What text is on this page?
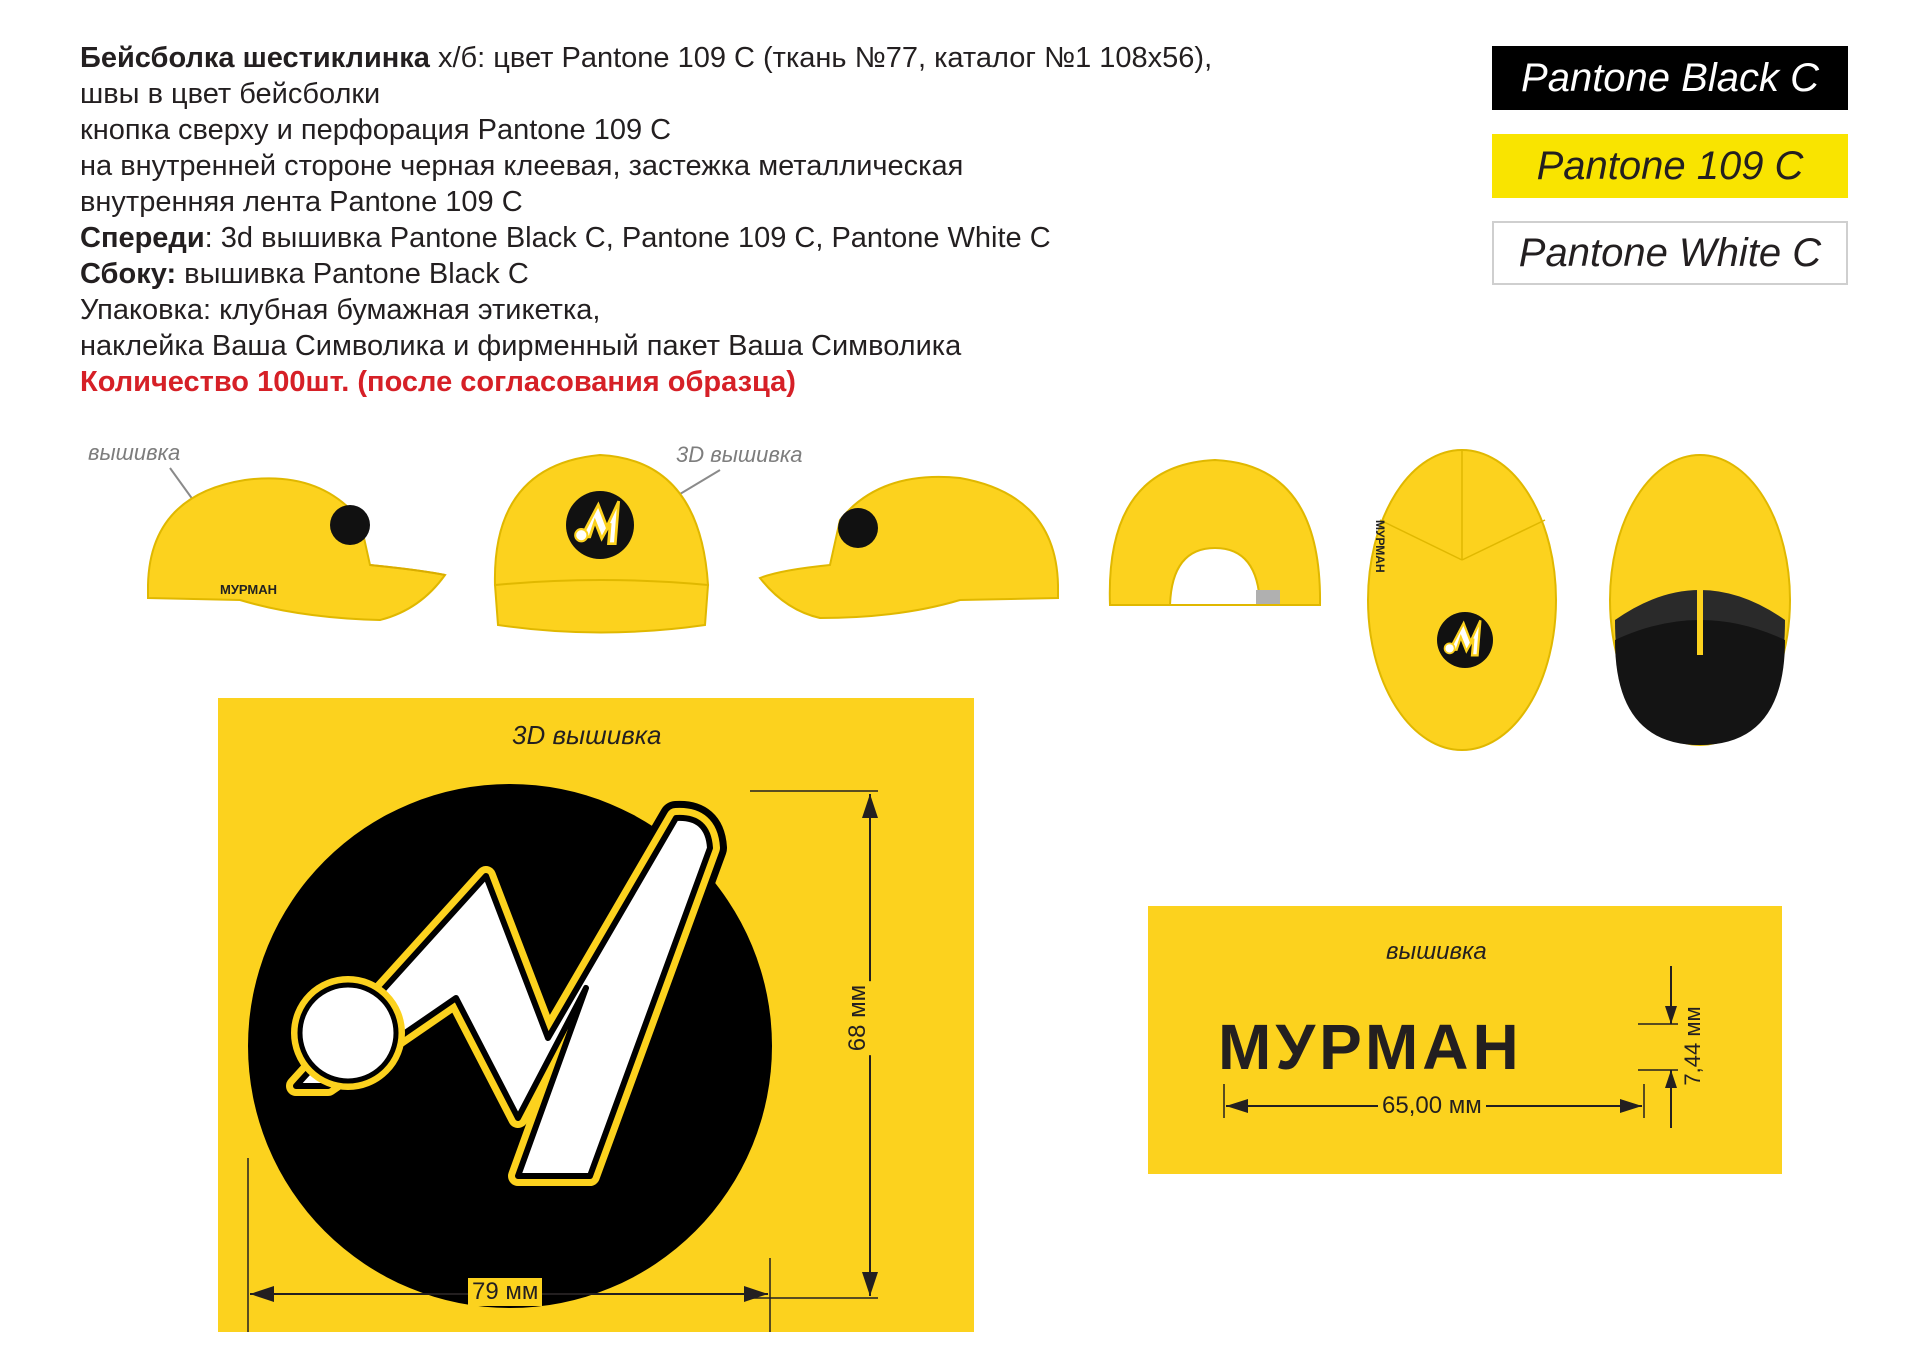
Бейсболка шестиклинка х/б: цвет Pantone 109 C (ткань №77, каталог №1 108x56),
швы в цвет бейсболки
кнопка сверху и перфорация Pantone 109 C
на внутренней стороне черная клеевая, застежка металлическая
внутренняя лента Pantone 109 C
Спереди: 3d вышивка Pantone Black C, Pantone 109 C, Pantone White C
Сбоку: вышивка Pantone Black C
Упаковка: клубная бумажная этикетка,
наклейка Ваша Символика и фирменный пакет Ваша Символика
Количество 100шт. (после согласования образца)
Pantone Black C
Pantone 109 C
Pantone White C
вышивка	3D вышивка
МУРМАН
МУРМАН
3D вышивка
68 мм
79 мм
вышивка
МУРМАН
65,00 мм
7,44 мм
